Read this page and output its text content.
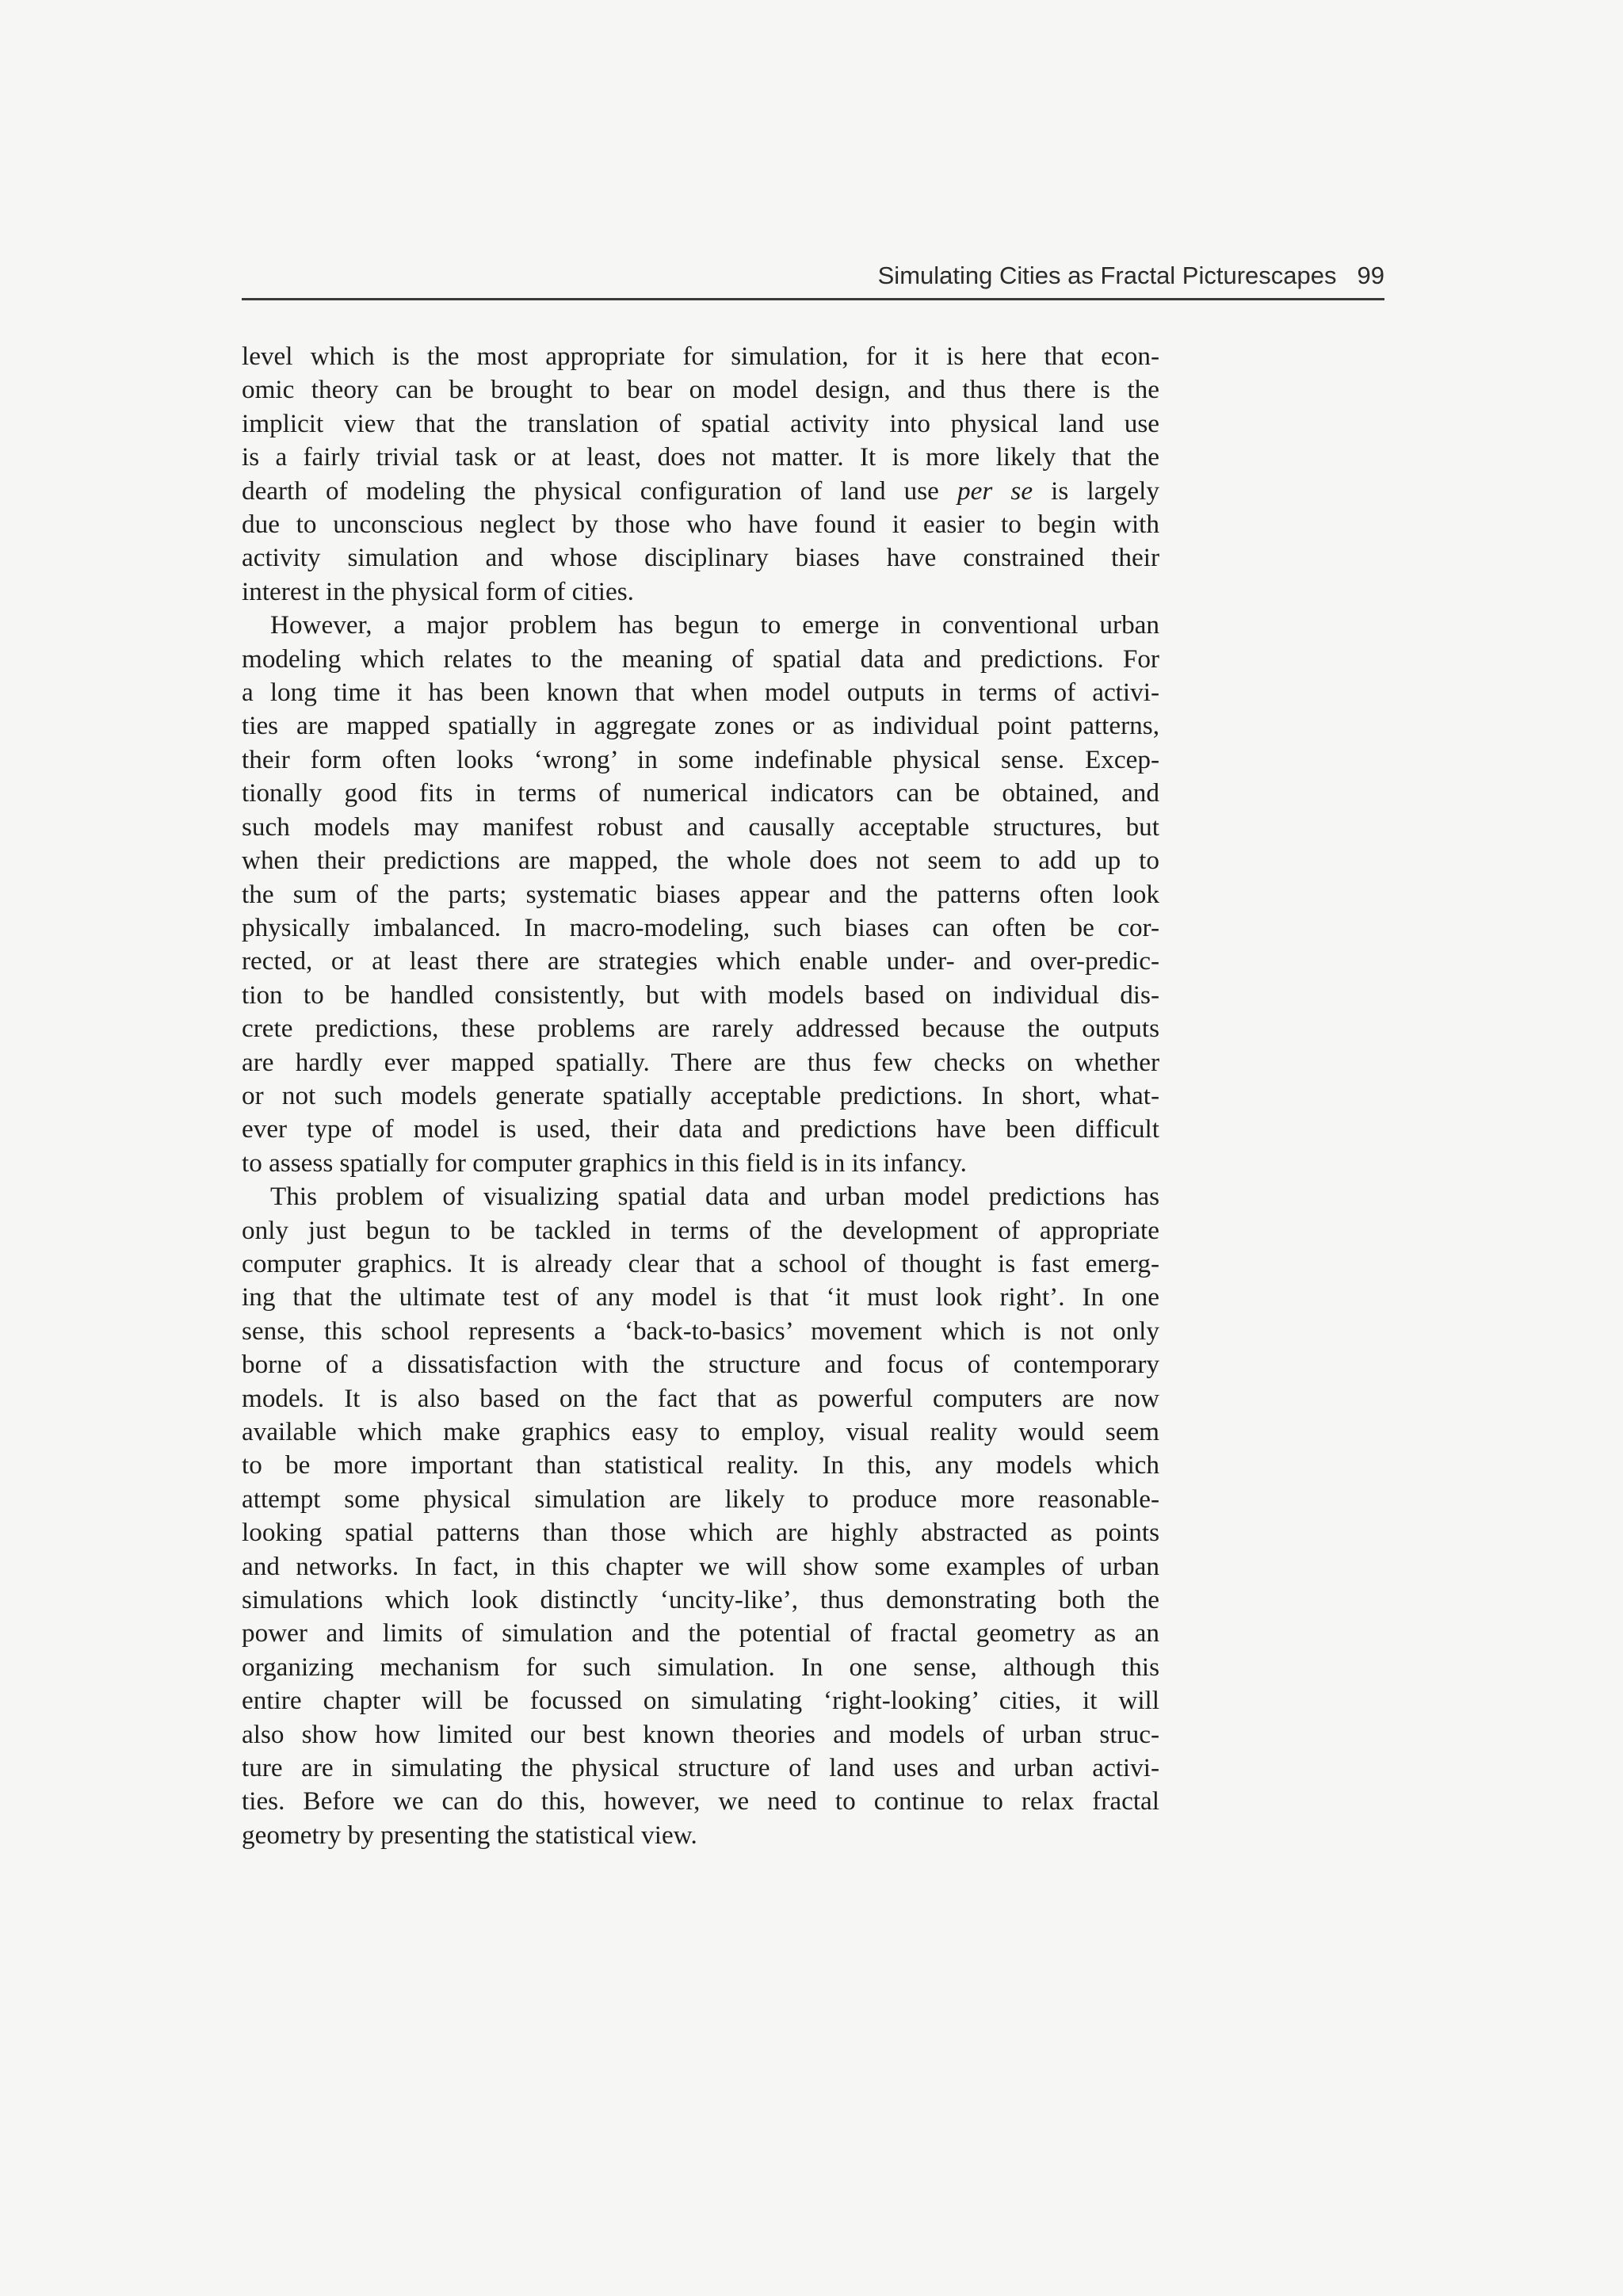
Simulating Cities as Fractal Picturescapes 99

level which is the most appropriate for simulation, for it is here that econ-
omic theory can be brought to bear on model design, and thus there is the
implicit view that the translation of spatial activity into physical land use
is a fairly trivial task or at least, does not matter. It is more likely that the
dearth of modeling the physical configuration of land use per se is largely
due to unconscious neglect by those who have found it easier to begin with
activity simulation and whose disciplinary biases have constrained their
interest in the physical form of cities.

However, a major problem has begun to emerge in conventional urban
modeling which relates to the meaning of spatial data and predictions. For
a long time it has been known that when model outputs in terms of activi-
ties are mapped spatially in aggregate zones or as individual point patterns,
their form often looks ‘wrong’ in some indefinable physical sense. Excep-
tionally good fits in terms of numerical indicators can be obtained, and
such models may manifest robust and causally acceptable structures, but
when their predictions are mapped, the whole does not seem to add up to
the sum of the parts; systematic biases appear and the patterns often look
physically imbalanced. In macro-modeling, such biases can often be cor-
rected, or at least there are strategies which enable under- and over-predic-
tion to be handled consistently, but with models based on individual dis-
crete predictions, these problems are rarely addressed because the outputs
are hardly ever mapped spatially. There are thus few checks on whether
or not such models generate spatially acceptable predictions. In short, what-
ever type of model is used, their data and predictions have been difficult
to assess spatially for computer graphics in this field is in its infancy.

This problem of visualizing spatial data and urban model predictions has
only just begun to be tackled in terms of the development of appropriate
computer graphics. It is already clear that a school of thought is fast emerg-
ing that the ultimate test of any model is that ‘it must look right’. In one
sense, this school represents a ‘back-to-basics’ movement which is not only
borne of a dissatisfaction with the structure and focus of contemporary
models. It is also based on the fact that as powerful computers are now
available which make graphics easy to employ, visual reality would seem
to be more important than statistical reality. In this, any models which
attempt some physical simulation are likely to produce more reasonable-
looking spatial patterns than those which are highly abstracted as points
and networks. In fact, in this chapter we will show some examples of urban
simulations which look distinctly ‘uncity-like’, thus demonstrating both the
power and limits of simulation and the potential of fractal geometry as an
organizing mechanism for such simulation. In one sense, although this
entire chapter will be focussed on simulating ‘right-looking’ cities, it will
also show how limited our best known theories and models of urban struc-
ture are in simulating the physical structure of land uses and urban activi-
ties. Before we can do this, however, we need to continue to relax fractal
geometry by presenting the statistical view.
